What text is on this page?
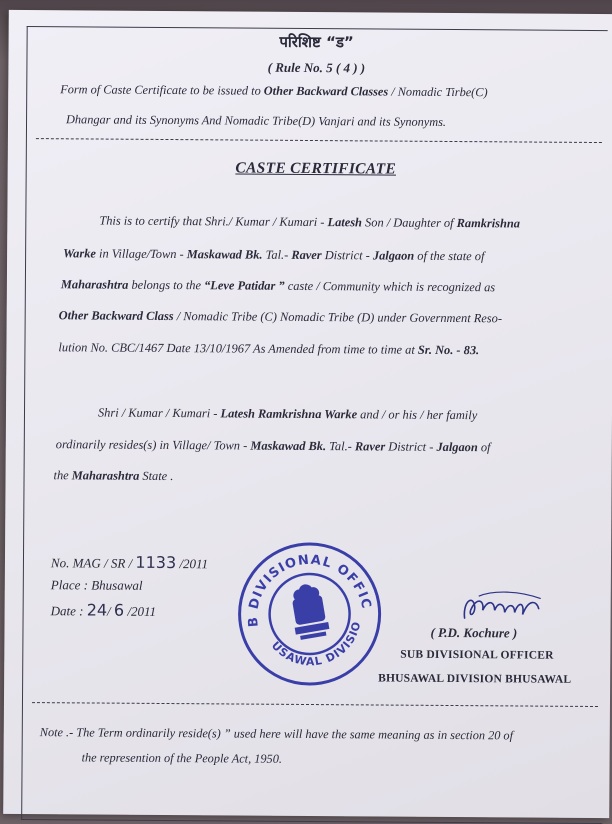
परिशिष्ट “ड”
( Rule No. 5 ( 4 ) )
Form of Caste Certificate to be issued to Other Backward Classes / Nomadic Tirbe(C)
Dhangar and its Synonyms And Nomadic Tribe(D) Vanjari and its Synonyms.
CASTE CERTIFICATE
This is to certify that Shri./ Kumar / Kumari - Latesh Son / Daughter of Ramkrishna
Warke in Village/Town - Maskawad Bk. Tal.- Raver District - Jalgaon of the state of
Maharashtra belongs to the “Leve Patidar ” caste / Community which is recognized as
Other Backward Class / Nomadic Tribe (C) Nomadic Tribe (D) under Government Reso-
lution No. CBC/1467 Date 13/10/1967 As Amended from time to time at Sr. No. - 83.
Shri / Kumar / Kumari - Latesh Ramkrishna Warke and / or his / her family
ordinarily resides(s) in Village/ Town - Maskawad Bk. Tal.- Raver District - Jalgaon of
the Maharashtra State .
No. MAG / SR / 1133 /2011
Place : Bhusawal
Date : 24/ 6 /2011
SUB DIVISIONAL OFFICER
BHUSAWAL DIVISION
( P.D. Kochure )
SUB DIVISIONAL OFFICER
BHUSAWAL DIVISION BHUSAWAL
Note .- The Term ordinarily reside(s) ” used here will have the same meaning as in section 20 of
the represention of the People Act, 1950.
